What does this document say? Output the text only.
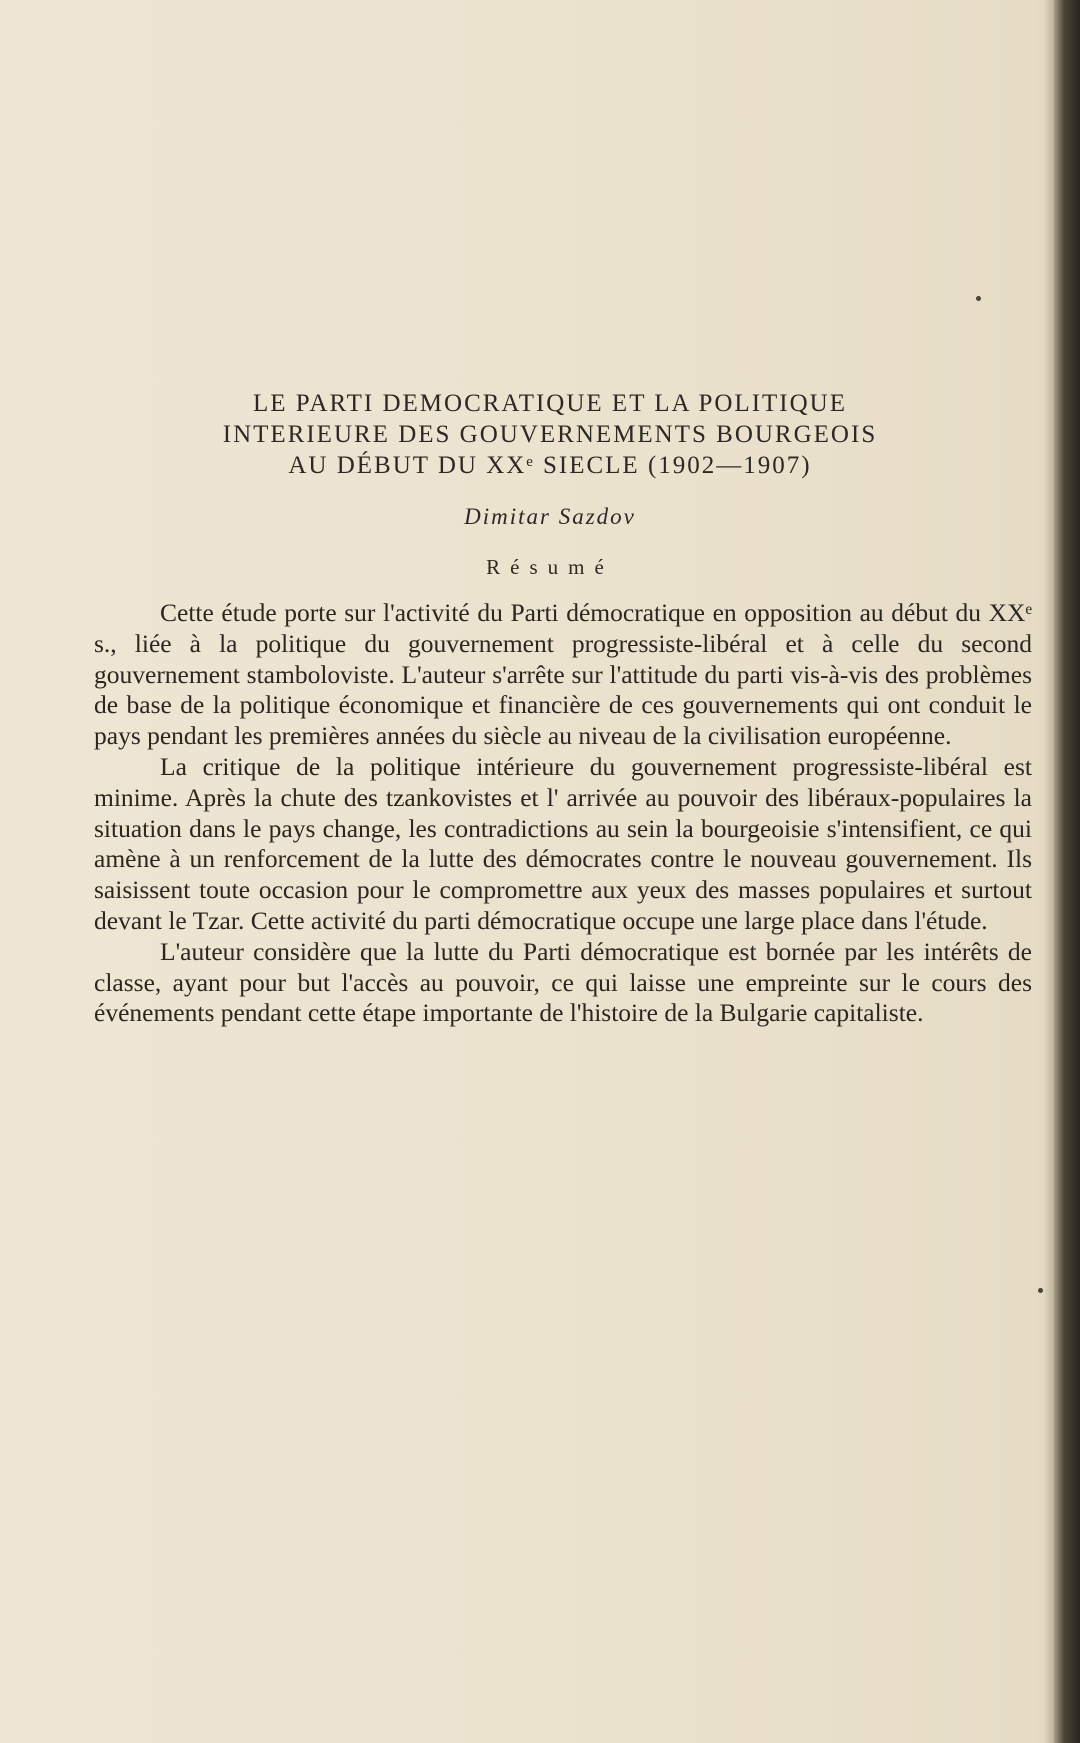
LE PARTI DEMOCRATIQUE ET LA POLITIQUE
INTERIEURE DES GOUVERNEMENTS BOURGEOIS
AU DÉBUT DU XXᵉ SIECLE (1902—1907)
Dimitar Sazdov
Résumé

Cette étude porte sur l'activité du Parti démocratique en opposition au début du XXᵉ s., liée à la politique du gouvernement progressiste-libéral et à celle du second gouvernement stamboloviste. L'auteur s'arrête sur l'attitude du parti vis-à-vis des problèmes de base de la politique économique et financière de ces gouvernements qui ont conduit le pays pendant les premières années du siècle au niveau de la civilisation européenne.

La critique de la politique intérieure du gouvernement progressiste-libéral est minime. Après la chute des tzankovistes et l' arrivée au pouvoir des libéraux-populaires la situation dans le pays change, les contradictions au sein la bourgeoisie s'intensifient, ce qui amène à un renforcement de la lutte des démocrates contre le nouveau gouvernement. Ils saisissent toute occasion pour le compromettre aux yeux des masses populaires et surtout devant le Tzar. Cette activité du parti démocratique occupe une large place dans l'étude.

L'auteur considère que la lutte du Parti démocratique est bornée par les intérêts de classe, ayant pour but l'accès au pouvoir, ce qui laisse une empreinte sur le cours des événements pendant cette étape importante de l'histoire de la Bulgarie capitaliste.
